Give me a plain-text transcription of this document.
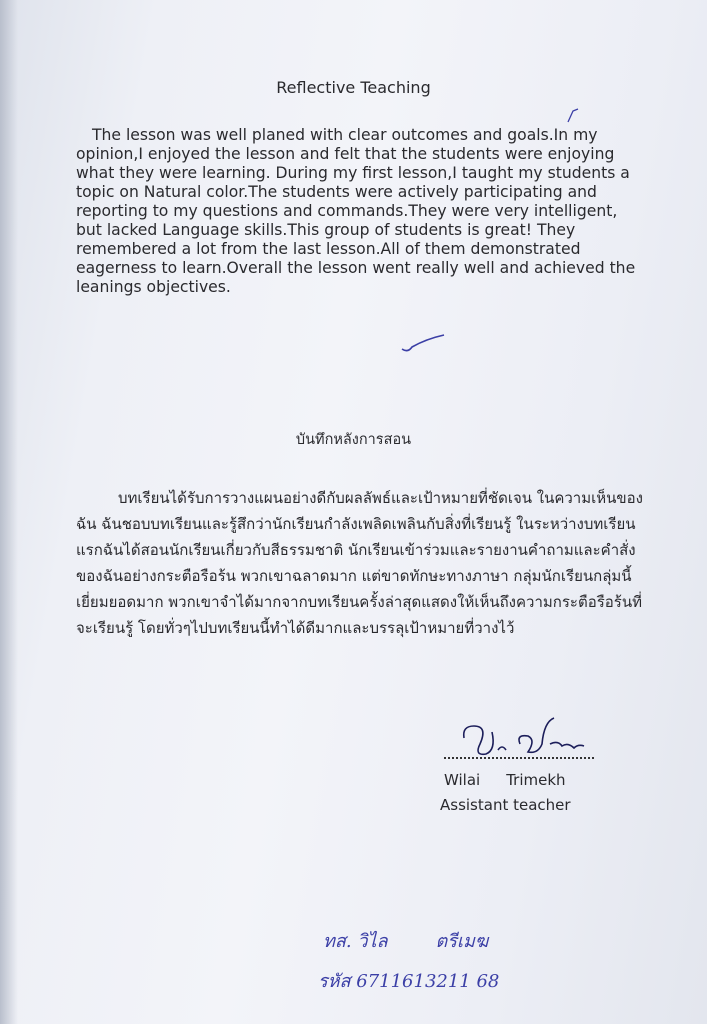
Reflective Teaching
The lesson was well planed with clear outcomes and goals.In my opinion,I enjoyed the lesson and felt that the students were enjoying what they were learning. During my first lesson,I taught my students a topic on Natural color.The students were actively participating and reporting to my questions and commands.They were very intelligent, but lacked Language skills.This group of students is great! They remembered a lot from the last lesson.All of them demonstrated eagerness to learn.Overall the lesson went really well and achieved the leanings objectives.
บันทึกหลังการสอน
บทเรียนได้รับการวางแผนอย่างดีกับผลลัพธ์และเป้าหมายที่ชัดเจน ในความเห็นของฉัน ฉันชอบบทเรียนและรู้สึกว่านักเรียนกำลังเพลิดเพลินกับสิ่งที่เรียนรู้ ในระหว่างบทเรียนแรกฉันได้สอนนักเรียนเกี่ยวกับสีธรรมชาติ นักเรียนเข้าร่วมและรายงานคำถามและคำสั่งของฉันอย่างกระตือรือร้น พวกเขาฉลาดมาก แต่ขาดทักษะทางภาษา กลุ่มนักเรียนกลุ่มนี้เยี่ยมยอดมาก พวกเขาจำได้มากจากบทเรียนครั้งล่าสุดแสดงให้เห็นถึงความกระตือรือร้นที่จะเรียนรู้ โดยทั่วๆไปบทเรียนนี้ทำได้ดีมากและบรรลุเป้าหมายที่วางไว้
Wilai Trimekh
Assistant teacher
ทส. วิไล	ตรีเมฆ
รหัส 6711613211 68
